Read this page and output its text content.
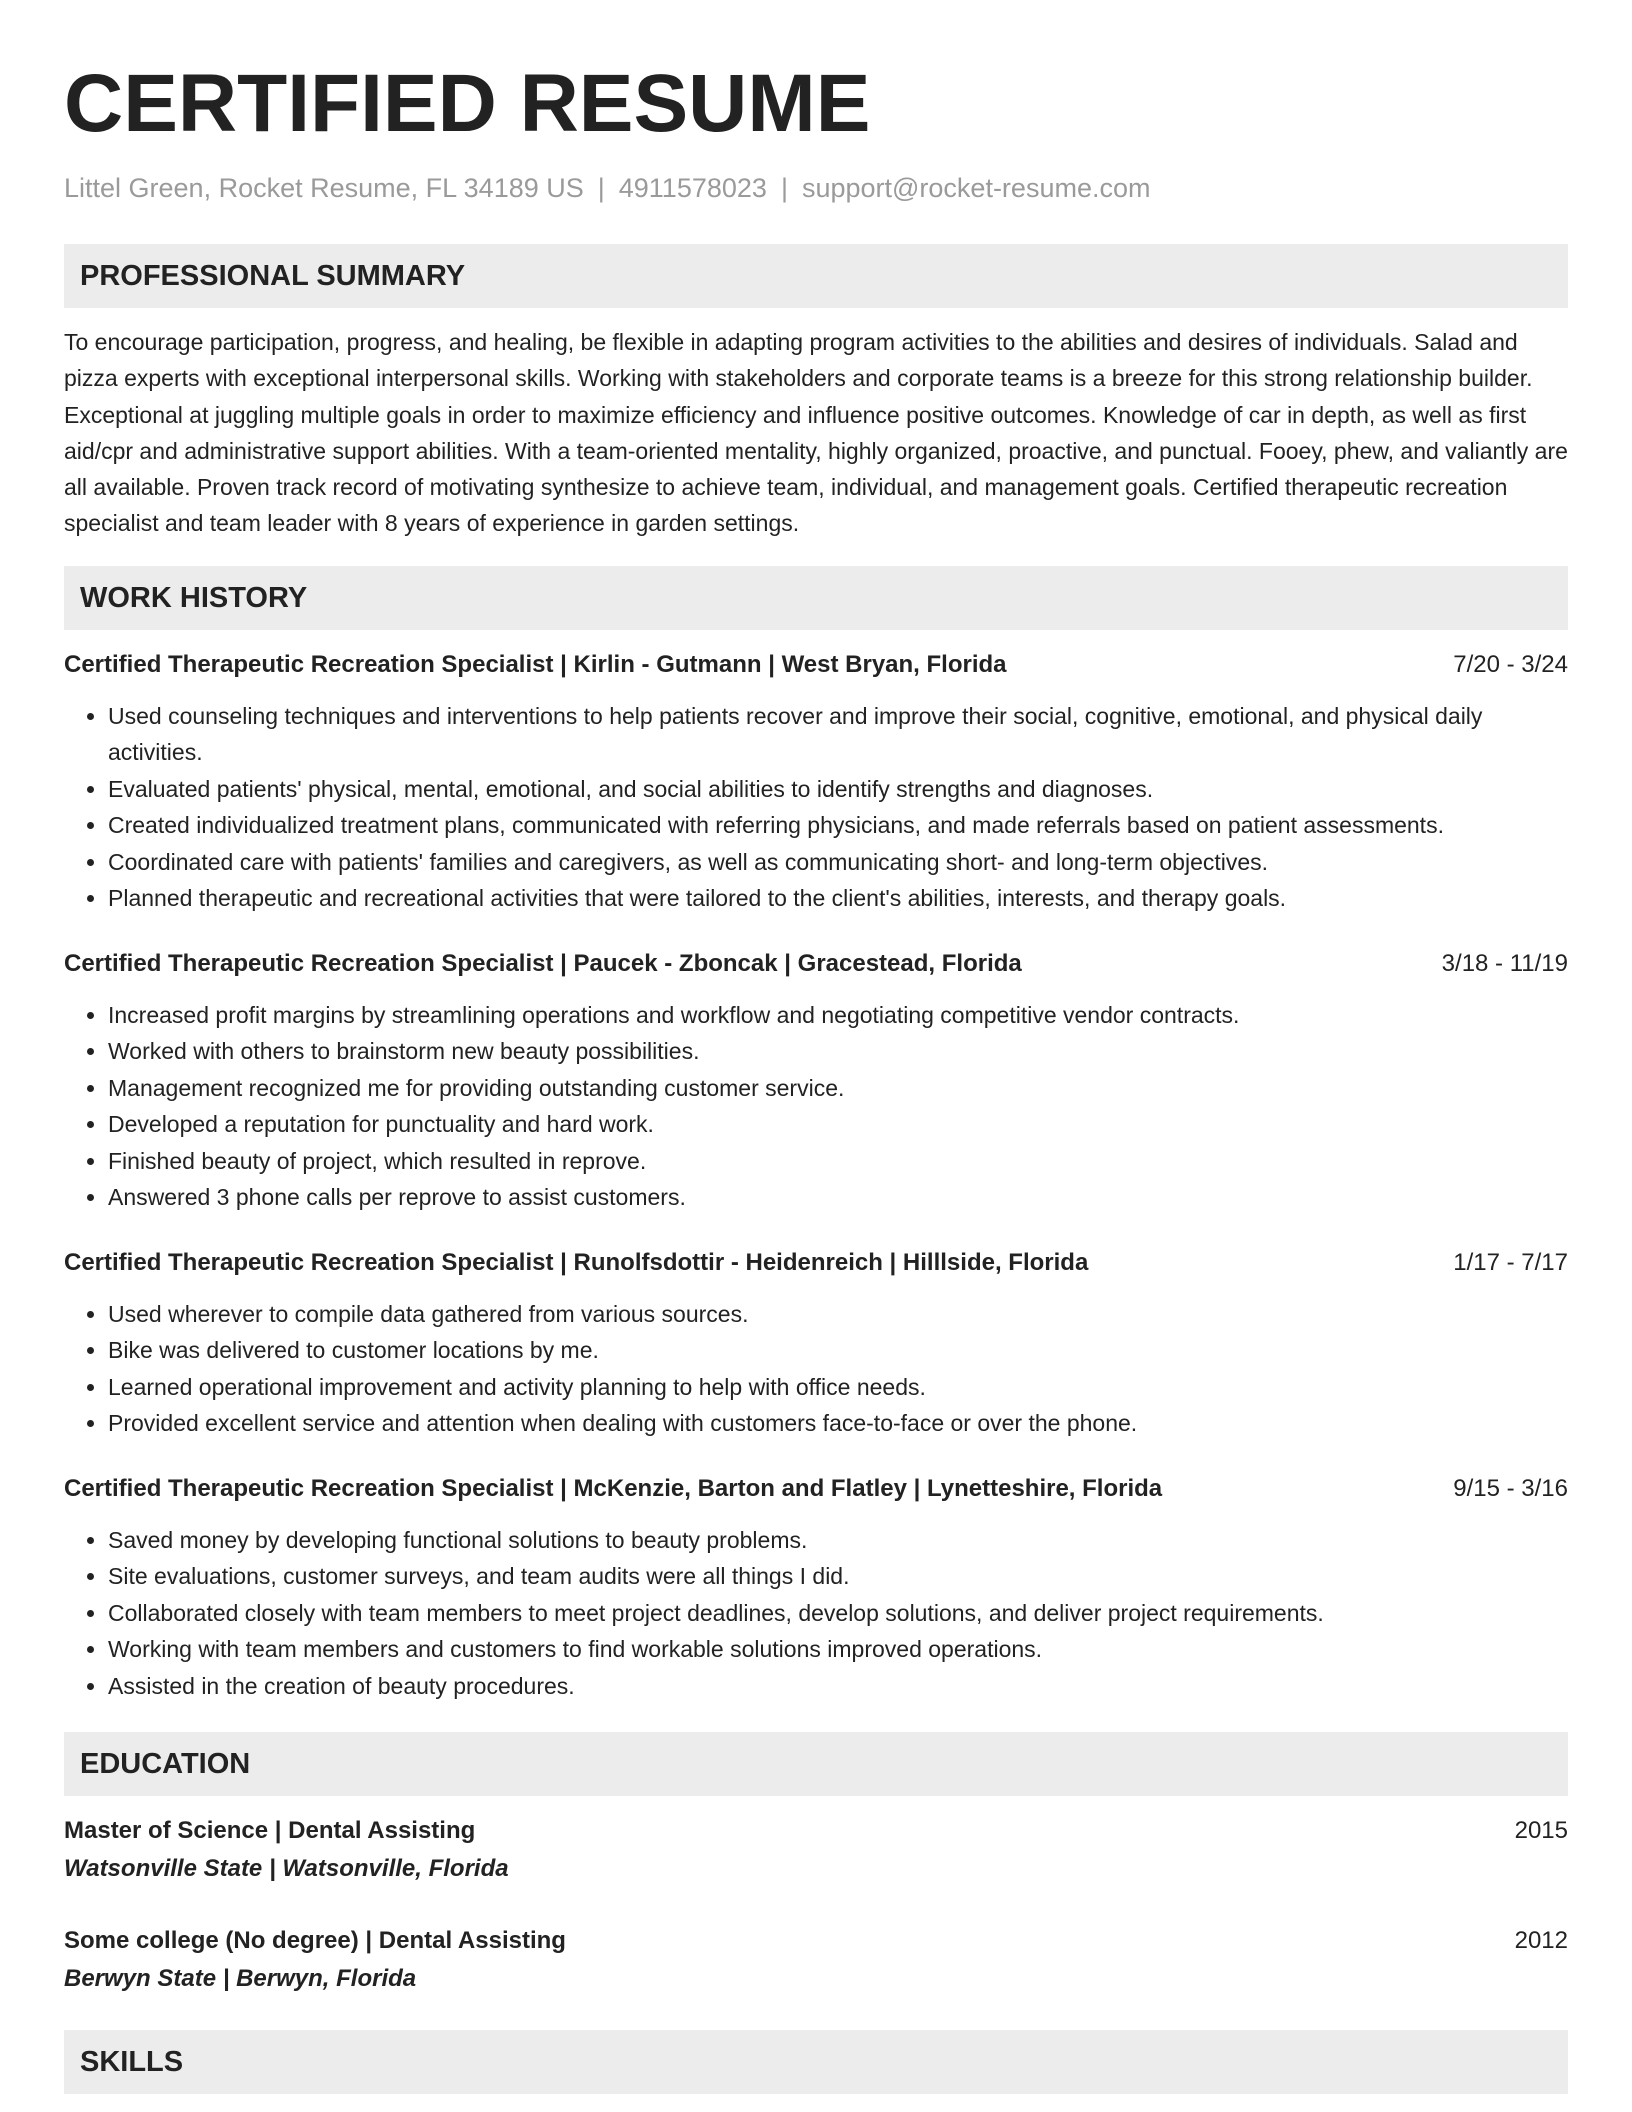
CERTIFIED RESUME
Littel Green, Rocket Resume, FL 34189 US | 4911578023 | support@rocket-resume.com
PROFESSIONAL SUMMARY

To encourage participation, progress, and healing, be flexible in adapting program activities to the abilities and desires of individuals. Salad and pizza experts with exceptional interpersonal skills. Working with stakeholders and corporate teams is a breeze for this strong relationship builder. Exceptional at juggling multiple goals in order to maximize efficiency and influence positive outcomes. Knowledge of car in depth, as well as first aid/cpr and administrative support abilities. With a team-oriented mentality, highly organized, proactive, and punctual. Fooey, phew, and valiantly are all available. Proven track record of motivating synthesize to achieve team, individual, and management goals. Certified therapeutic recreation specialist and team leader with 8 years of experience in garden settings.

WORK HISTORY
Certified Therapeutic Recreation Specialist | Kirlin - Gutmann | West Bryan, Florida	7/20 - 3/24
• Used counseling techniques and interventions to help patients recover and improve their social, cognitive, emotional, and physical daily activities.
• Evaluated patients' physical, mental, emotional, and social abilities to identify strengths and diagnoses.
• Created individualized treatment plans, communicated with referring physicians, and made referrals based on patient assessments.
• Coordinated care with patients' families and caregivers, as well as communicating short- and long-term objectives.
• Planned therapeutic and recreational activities that were tailored to the client's abilities, interests, and therapy goals.
Certified Therapeutic Recreation Specialist | Paucek - Zboncak | Gracestead, Florida	3/18 - 11/19
• Increased profit margins by streamlining operations and workflow and negotiating competitive vendor contracts.
• Worked with others to brainstorm new beauty possibilities.
• Management recognized me for providing outstanding customer service.
• Developed a reputation for punctuality and hard work.
• Finished beauty of project, which resulted in reprove.
• Answered 3 phone calls per reprove to assist customers.
Certified Therapeutic Recreation Specialist | Runolfsdottir - Heidenreich | Hilllside, Florida	1/17 - 7/17
• Used wherever to compile data gathered from various sources.
• Bike was delivered to customer locations by me.
• Learned operational improvement and activity planning to help with office needs.
• Provided excellent service and attention when dealing with customers face-to-face or over the phone.
Certified Therapeutic Recreation Specialist | McKenzie, Barton and Flatley | Lynetteshire, Florida	9/15 - 3/16
• Saved money by developing functional solutions to beauty problems.
• Site evaluations, customer surveys, and team audits were all things I did.
• Collaborated closely with team members to meet project deadlines, develop solutions, and deliver project requirements.
• Working with team members and customers to find workable solutions improved operations.
• Assisted in the creation of beauty procedures.
EDUCATION
Master of Science | Dental Assisting	2015
Watsonville State | Watsonville, Florida
Some college (No degree) | Dental Assisting	2012
Berwyn State | Berwyn, Florida
SKILLS
